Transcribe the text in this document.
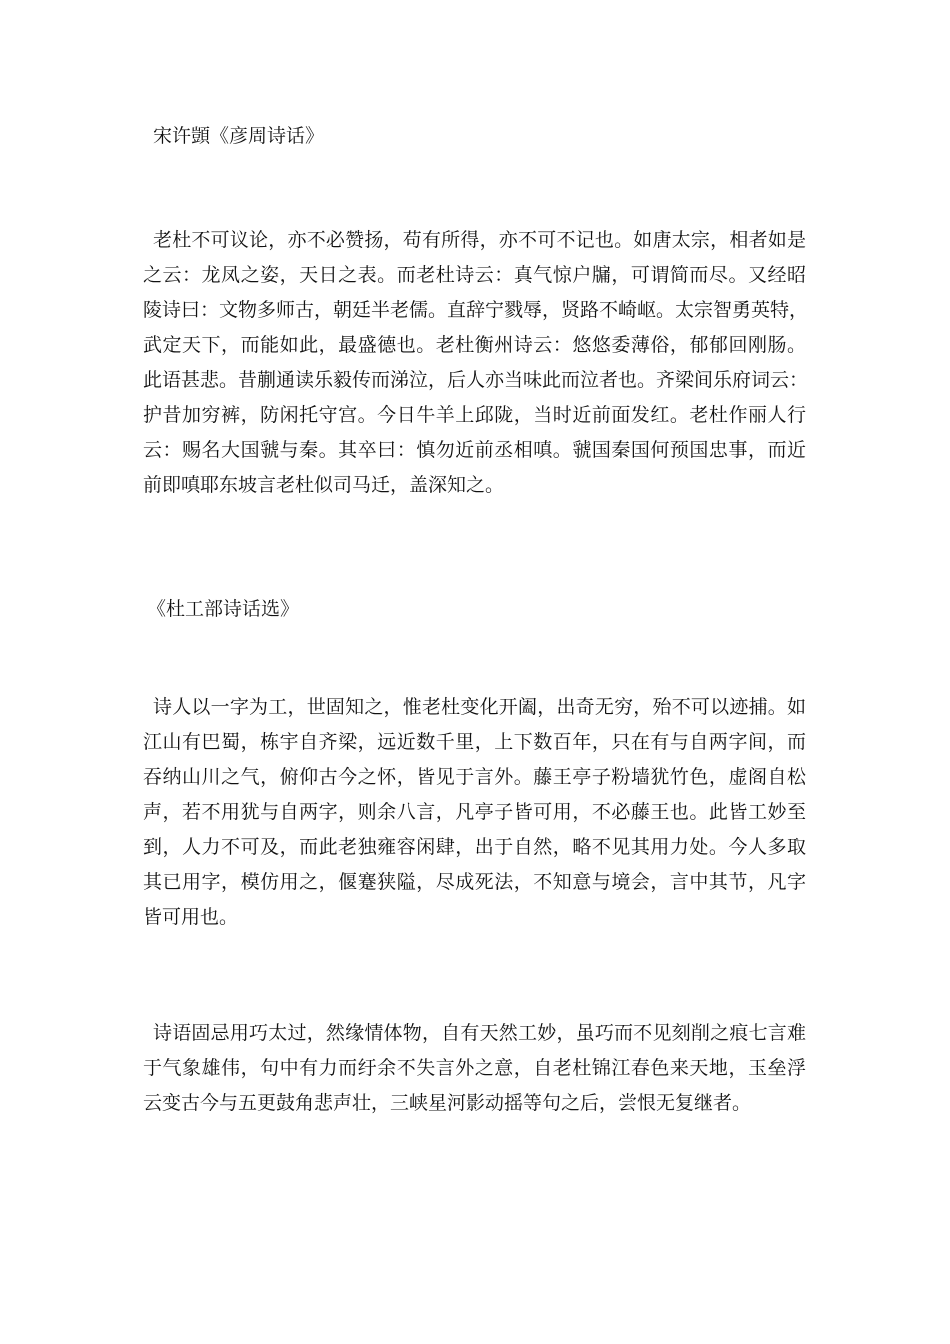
宋许顗《彦周诗话》
老杜不可议论，亦不必赞扬，苟有所得，亦不可不记也。如唐太宗，相者如是
之云：龙凤之姿，天日之表。而老杜诗云：真气惊户牖，可谓简而尽。又经昭
陵诗曰：文物多师古，朝廷半老儒。直辞宁戮辱，贤路不崎岖。太宗智勇英特，
武定天下，而能如此，最盛德也。老杜衡州诗云：悠悠委薄俗，郁郁回刚肠。
此语甚悲。昔蒯通读乐毅传而涕泣，后人亦当味此而泣者也。齐梁间乐府词云：
护昔加穷裤，防闲托守宫。今日牛羊上邱陇，当时近前面发红。老杜作丽人行
云：赐名大国虢与秦。其卒曰：慎勿近前丞相嗔。虢国秦国何预国忠事，而近
前即嗔耶东坡言老杜似司马迁，盖深知之。
《杜工部诗话选》
诗人以一字为工，世固知之，惟老杜变化开阖，出奇无穷，殆不可以迹捕。如
江山有巴蜀，栋宇自齐梁，远近数千里，上下数百年，只在有与自两字间，而
吞纳山川之气，俯仰古今之怀，皆见于言外。藤王亭子粉墙犹竹色，虚阁自松
声，若不用犹与自两字，则余八言，凡亭子皆可用，不必藤王也。此皆工妙至
到，人力不可及，而此老独雍容闲肆，出于自然，略不见其用力处。今人多取
其已用字，模仿用之，偃蹇狭隘，尽成死法，不知意与境会，言中其节，凡字
皆可用也。
诗语固忌用巧太过，然缘情体物，自有天然工妙，虽巧而不见刻削之痕七言难
于气象雄伟，句中有力而纡余不失言外之意，自老杜锦江春色来天地，玉垒浮
云变古今与五更鼓角悲声壮，三峡星河影动摇等句之后，尝恨无复继者。
